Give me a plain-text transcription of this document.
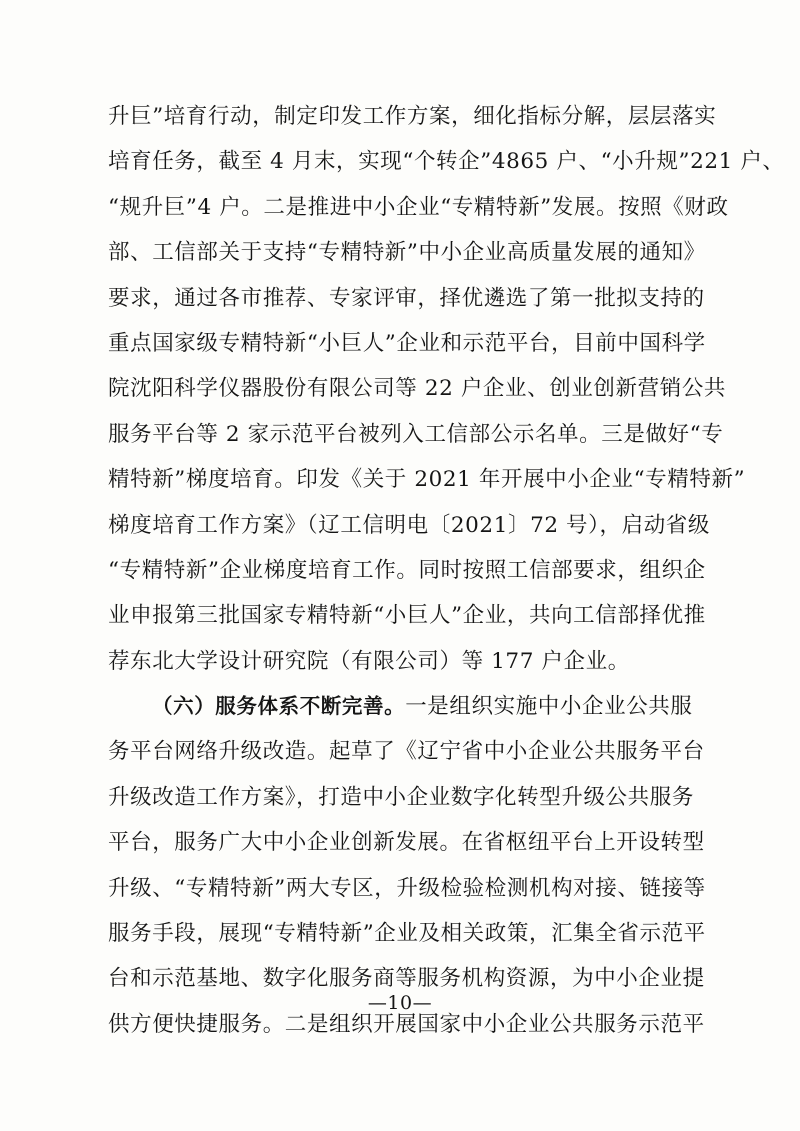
升巨”培育行动，制定印发工作方案，细化指标分解，层层落实
培育任务，截至 4 月末，实现“个转企”4865 户、“小升规”221 户、
“规升巨”4 户。二是推进中小企业“专精特新”发展。按照《财政
部、工信部关于支持“专精特新”中小企业高质量发展的通知》
要求，通过各市推荐、专家评审，择优遴选了第一批拟支持的
重点国家级专精特新“小巨人”企业和示范平台，目前中国科学
院沈阳科学仪器股份有限公司等 22 户企业、创业创新营销公共
服务平台等 2 家示范平台被列入工信部公示名单。三是做好“专
精特新”梯度培育。印发《关于 2021 年开展中小企业“专精特新”
梯度培育工作方案》（辽工信明电〔2021〕72 号），启动省级
“专精特新”企业梯度培育工作。同时按照工信部要求，组织企
业申报第三批国家专精特新“小巨人”企业，共向工信部择优推
荐东北大学设计研究院（有限公司）等 177 户企业。
（六）服务体系不断完善。一是组织实施中小企业公共服
务平台网络升级改造。起草了《辽宁省中小企业公共服务平台
升级改造工作方案》，打造中小企业数字化转型升级公共服务
平台，服务广大中小企业创新发展。在省枢纽平台上开设转型
升级、“专精特新”两大专区，升级检验检测机构对接、链接等
服务手段，展现“专精特新”企业及相关政策，汇集全省示范平
台和示范基地、数字化服务商等服务机构资源，为中小企业提
供方便快捷服务。二是组织开展国家中小企业公共服务示范平
—10—
